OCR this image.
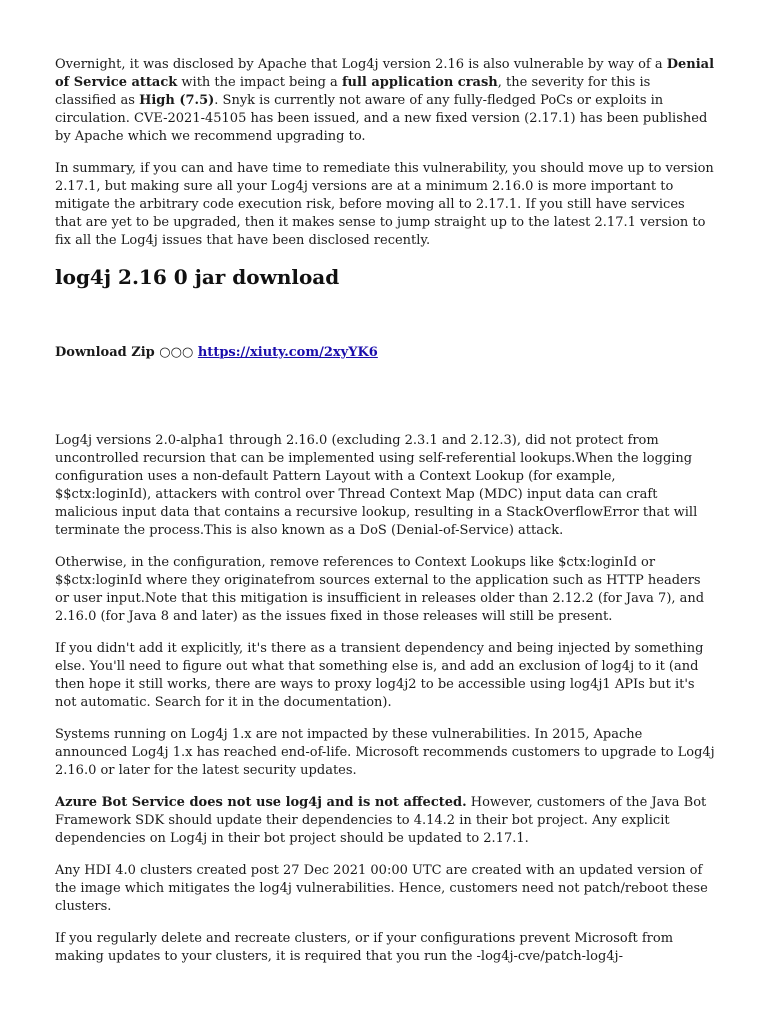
Overnight, it was disclosed by Apache that Log4j version 2.16 is also vulnerable by way of a Denial of Service attack with the impact being a full application crash, the severity for this is classified as High (7.5). Snyk is currently not aware of any fully-fledged PoCs or exploits in circulation. CVE-2021-45105 has been issued, and a new fixed version (2.17.1) has been published by Apache which we recommend upgrading to.

In summary, if you can and have time to remediate this vulnerability, you should move up to version 2.17.1, but making sure all your Log4j versions are at a minimum 2.16.0 is more important to mitigate the arbitrary code execution risk, before moving all to 2.17.1. If you still have services that are yet to be upgraded, then it makes sense to jump straight up to the latest 2.17.1 version to fix all the Log4j issues that have been disclosed recently.

log4j 2.16 0 jar download

Download Zip ○○○ https://xiuty.com/2xyYK6

Log4j versions 2.0-alpha1 through 2.16.0 (excluding 2.3.1 and 2.12.3), did not protect from uncontrolled recursion that can be implemented using self-referential lookups.When the logging configuration uses a non-default Pattern Layout with a Context Lookup (for example, $$ctx:loginId), attackers with control over Thread Context Map (MDC) input data can craft malicious input data that contains a recursive lookup, resulting in a StackOverflowError that will terminate the process.This is also known as a DoS (Denial-of-Service) attack.

Otherwise, in the configuration, remove references to Context Lookups like $ctx:loginId or $$ctx:loginId where they originatefrom sources external to the application such as HTTP headers or user input.Note that this mitigation is insufficient in releases older than 2.12.2 (for Java 7), and 2.16.0 (for Java 8 and later) as the issues fixed in those releases will still be present.

If you didn't add it explicitly, it's there as a transient dependency and being injected by something else. You'll need to figure out what that something else is, and add an exclusion of log4j to it (and then hope it still works, there are ways to proxy log4j2 to be accessible using log4j1 APIs but it's not automatic. Search for it in the documentation).

Systems running on Log4j 1.x are not impacted by these vulnerabilities. In 2015, Apache announced Log4j 1.x has reached end-of-life. Microsoft recommends customers to upgrade to Log4j 2.16.0 or later for the latest security updates.

Azure Bot Service does not use log4j and is not affected. However, customers of the Java Bot Framework SDK should update their dependencies to 4.14.2 in their bot project. Any explicit dependencies on Log4j in their bot project should be updated to 2.17.1.

Any HDI 4.0 clusters created post 27 Dec 2021 00:00 UTC are created with an updated version of the image which mitigates the log4j vulnerabilities. Hence, customers need not patch/reboot these clusters.

If you regularly delete and recreate clusters, or if your configurations prevent Microsoft from making updates to your clusters, it is required that you run the -log4j-cve/patch-log4j-
